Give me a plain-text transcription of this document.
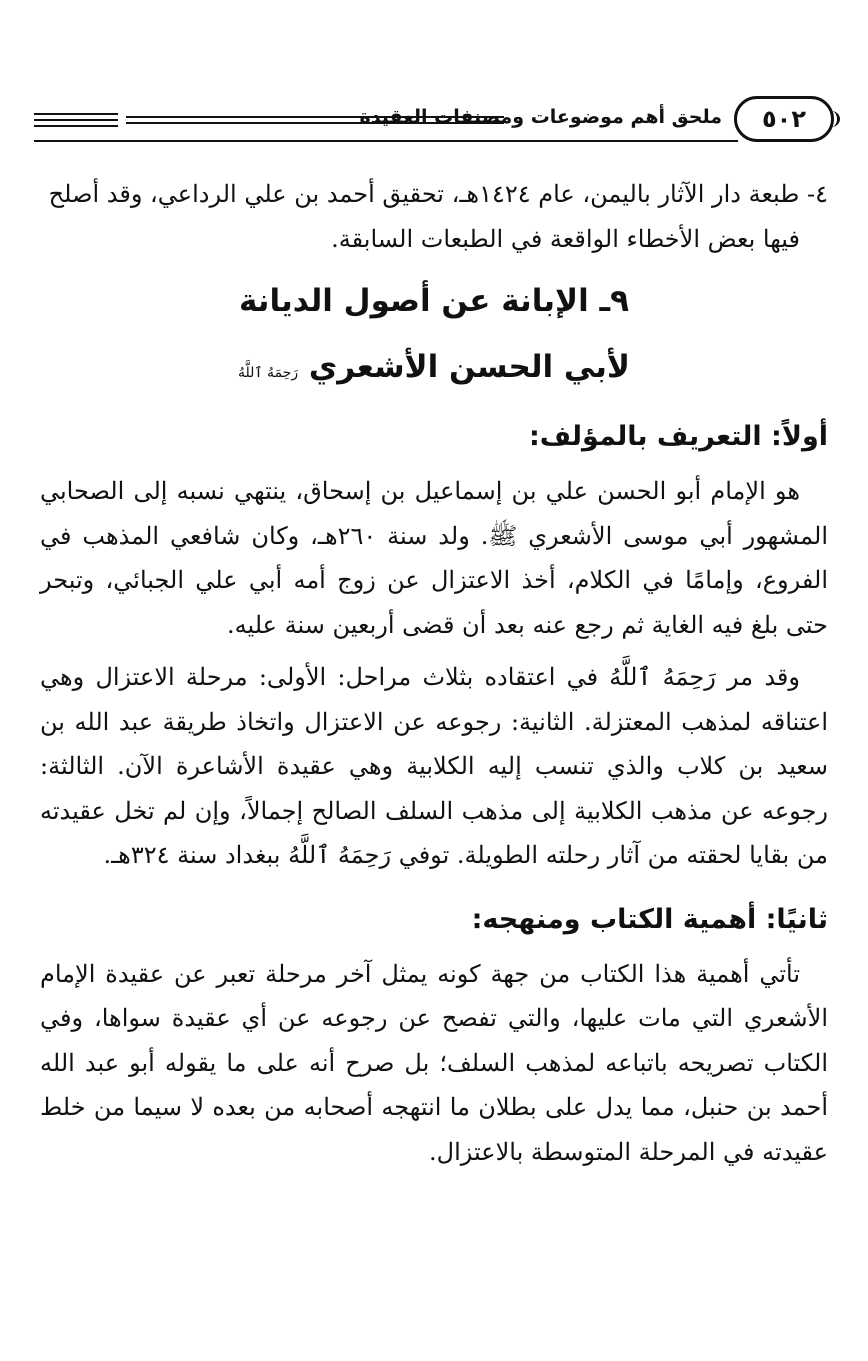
ملحق أهم موضوعات ومصنفات العقيدة ٥٠٢

٤- طبعة دار الآثار باليمن، عام ١٤٢٤هـ، تحقيق أحمد بن علي الرداعي، وقد أصلح

فيها بعض الأخطاء الواقعة في الطبعات السابقة.

٩ـ الإبانة عن أصول الديانة
لأبي الحسن الأشعري رَحِمَهُ ٱللَّهُ
أولاً: التعريف بالمؤلف:

هو الإمام أبو الحسن علي بن إسماعيل بن إسحاق، ينتهي نسبه إلى الصحابي المشهور أبي موسى الأشعري ﷺ. ولد سنة ٢٦٠هـ، وكان شافعي المذهب في الفروع، وإمامًا في الكلام، أخذ الاعتزال عن زوج أمه أبي علي الجبائي، وتبحر حتى بلغ فيه الغاية ثم رجع عنه بعد أن قضى أربعين سنة عليه.

وقد مر رَحِمَهُ ٱللَّهُ في اعتقاده بثلاث مراحل: الأولى: مرحلة الاعتزال وهي اعتناقه لمذهب المعتزلة. الثانية: رجوعه عن الاعتزال واتخاذ طريقة عبد الله بن سعيد بن كلاب والذي تنسب إليه الكلابية وهي عقيدة الأشاعرة الآن. الثالثة: رجوعه عن مذهب الكلابية إلى مذهب السلف الصالح إجمالاً، وإن لم تخل عقيدته من بقايا لحقته من آثار رحلته الطويلة. توفي رَحِمَهُ ٱللَّهُ ببغداد سنة ٣٢٤هـ.

ثانيًا: أهمية الكتاب ومنهجه:

تأتي أهمية هذا الكتاب من جهة كونه يمثل آخر مرحلة تعبر عن عقيدة الإمام الأشعري التي مات عليها، والتي تفصح عن رجوعه عن أي عقيدة سواها، وفي الكتاب تصريحه باتباعه لمذهب السلف؛ بل صرح أنه على ما يقوله أبو عبد الله أحمد بن حنبل، مما يدل على بطلان ما انتهجه أصحابه من بعده لا سيما من خلط عقيدته في المرحلة المتوسطة بالاعتزال.
